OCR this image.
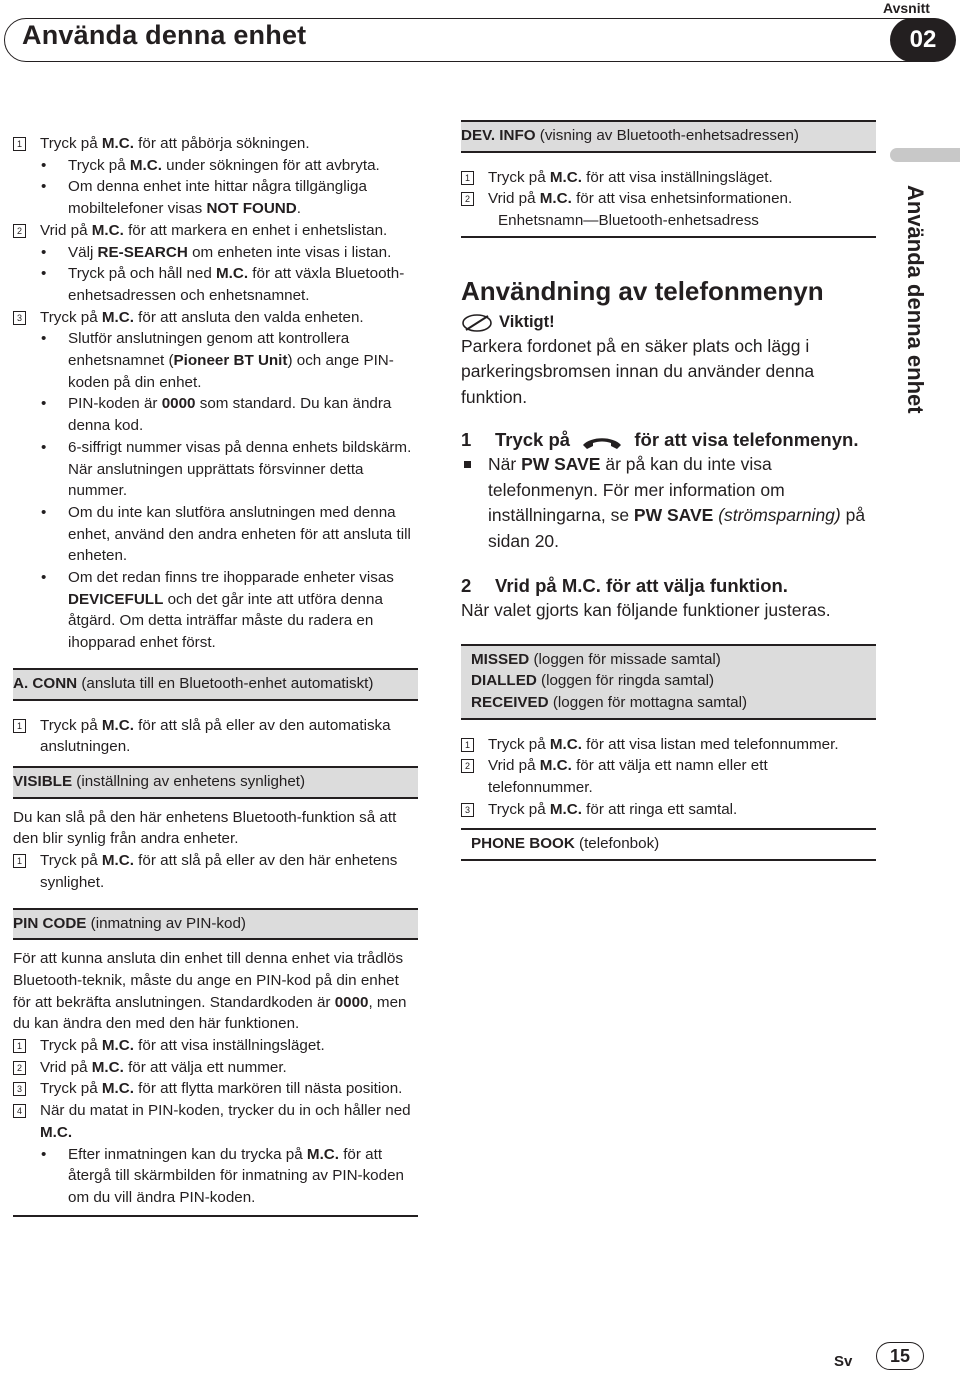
Avsnitt
Använda denna enhet	02
1 Tryck på M.C. för att påbörja sökningen.
• Tryck på M.C. under sökningen för att avbryta.
• Om denna enhet inte hittar några tillgängliga mobiltelefoner visas NOT FOUND.
2 Vrid på M.C. för att markera en enhet i enhetslistan.
• Välj RE-SEARCH om enheten inte visas i listan.
• Tryck på och håll ned M.C. för att växla Bluetooth-enhetsadressen och enhetsnamnet.
3 Tryck på M.C. för att ansluta den valda enheten.
• Slutför anslutningen genom att kontrollera enhetsnamnet (Pioneer BT Unit) och ange PIN-koden på din enhet.
• PIN-koden är 0000 som standard. Du kan ändra denna kod.
• 6-siffrigt nummer visas på denna enhets bildskärm. När anslutningen upprättats försvinner detta nummer.
• Om du inte kan slutföra anslutningen med denna enhet, använd den andra enheten för att ansluta till enheten.
• Om det redan finns tre ihopparade enheter visas DEVICEFULL och det går inte att utföra denna åtgärd. Om detta inträffar måste du radera en ihopparad enhet först.
A. CONN (ansluta till en Bluetooth-enhet automatiskt)
1 Tryck på M.C. för att slå på eller av den automatiska anslutningen.
VISIBLE (inställning av enhetens synlighet)
Du kan slå på den här enhetens Bluetooth-funktion så att den blir synlig från andra enheter.
1 Tryck på M.C. för att slå på eller av den här enhetens synlighet.
PIN CODE (inmatning av PIN-kod)
För att kunna ansluta din enhet till denna enhet via trådlös Bluetooth-teknik, måste du ange en PIN-kod på din enhet för att bekräfta anslutningen. Standardkoden är 0000, men du kan ändra den med den här funktionen.
1 Tryck på M.C. för att visa inställningsläget.
2 Vrid på M.C. för att välja ett nummer.
3 Tryck på M.C. för att flytta markören till nästa position.
4 När du matat in PIN-koden, trycker du in och håller ned M.C.
• Efter inmatningen kan du trycka på M.C. för att återgå till skärmbilden för inmatning av PIN-koden om du vill ändra PIN-koden.
DEV. INFO (visning av Bluetooth-enhetsadressen)
1 Tryck på M.C. för att visa inställningsläget.
2 Vrid på M.C. för att visa enhetsinformationen.
Enhetsnamn—Bluetooth-enhetsadress
Användning av telefonmenyn
Viktigt!
Parkera fordonet på en säker plats och lägg i parkeringsbromsen innan du använder denna funktion.
1 Tryck på	för att visa telefonmenyn.
När PW SAVE är på kan du inte visa telefonmenyn. För mer information om inställningarna, se PW SAVE (strömsparning) på sidan 20.
2 Vrid på M.C. för att välja funktion.
När valet gjorts kan följande funktioner justeras.
MISSED (loggen för missade samtal)
DIALLED (loggen för ringda samtal)
RECEIVED (loggen för mottagna samtal)
1 Tryck på M.C. för att visa listan med telefonnummer.
2 Vrid på M.C. för att välja ett namn eller ett telefonnummer.
3 Tryck på M.C. för att ringa ett samtal.
PHONE BOOK (telefonbok)
Använda denna enhet
Sv	15
